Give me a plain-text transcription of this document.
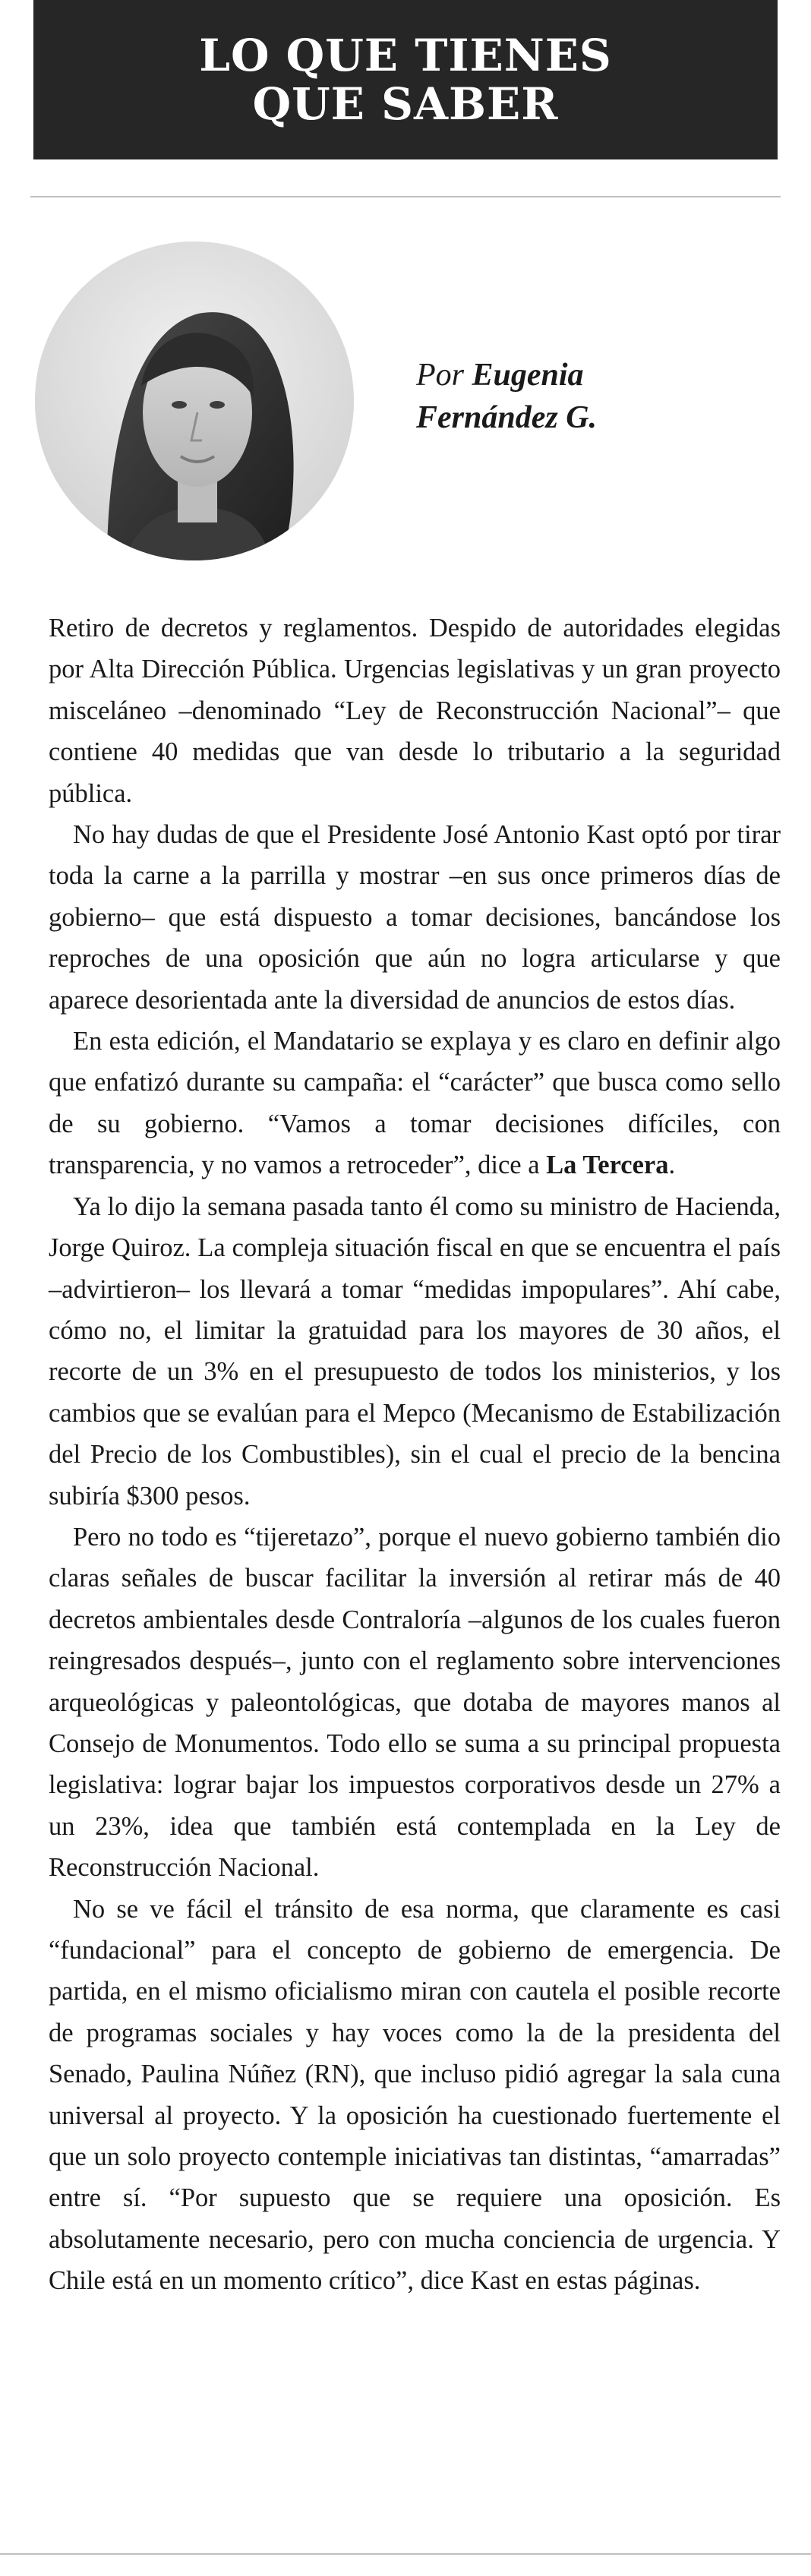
LO QUE TIENES
QUE SABER
Por Eugenia
Fernández G.

Retiro de decretos y reglamentos. Despido de autoridades elegidas por Alta Dirección Pública. Urgencias legislativas y un gran proyecto misceláneo –denominado “Ley de Reconstrucción Nacional”– que contiene 40 medidas que van desde lo tributario a la seguridad pública.

No hay dudas de que el Presidente José Antonio Kast optó por tirar toda la carne a la parrilla y mostrar –en sus once primeros días de gobierno– que está dispuesto a tomar decisiones, bancándose los reproches de una oposición que aún no logra articularse y que aparece desorientada ante la diversidad de anuncios de estos días.

En esta edición, el Mandatario se explaya y es claro en definir algo que enfatizó durante su campaña: el “carácter” que busca como sello de su gobierno. “Vamos a tomar decisiones difíciles, con transparencia, y no vamos a retroceder”, dice a La Tercera.

Ya lo dijo la semana pasada tanto él como su ministro de Hacienda, Jorge Quiroz. La compleja situación fiscal en que se encuentra el país –advirtieron– los llevará a tomar “medidas impopulares”. Ahí cabe, cómo no, el limitar la gratuidad para los mayores de 30 años, el recorte de un 3% en el presupuesto de todos los ministerios, y los cambios que se evalúan para el Mepco (Mecanismo de Estabilización del Precio de los Combustibles), sin el cual el precio de la bencina subiría $300 pesos.

Pero no todo es “tijeretazo”, porque el nuevo gobierno también dio claras señales de buscar facilitar la inversión al retirar más de 40 decretos ambientales desde Contraloría –algunos de los cuales fueron reingresados después–, junto con el reglamento sobre intervenciones arqueológicas y paleontológicas, que dotaba de mayores manos al Consejo de Monumentos. Todo ello se suma a su principal propuesta legislativa: lograr bajar los impuestos corporativos desde un 27% a un 23%, idea que también está contemplada en la Ley de Reconstrucción Nacional.

No se ve fácil el tránsito de esa norma, que claramente es casi “fundacional” para el concepto de gobierno de emergencia. De partida, en el mismo oficialismo miran con cautela el posible recorte de programas sociales y hay voces como la de la presidenta del Senado, Paulina Núñez (RN), que incluso pidió agregar la sala cuna universal al proyecto. Y la oposición ha cuestionado fuertemente el que un solo proyecto contemple iniciativas tan distintas, “amarradas” entre sí. “Por supuesto que se requiere una oposición. Es absolutamente necesario, pero con mucha conciencia de urgencia. Y Chile está en un momento crítico”, dice Kast en estas páginas.
